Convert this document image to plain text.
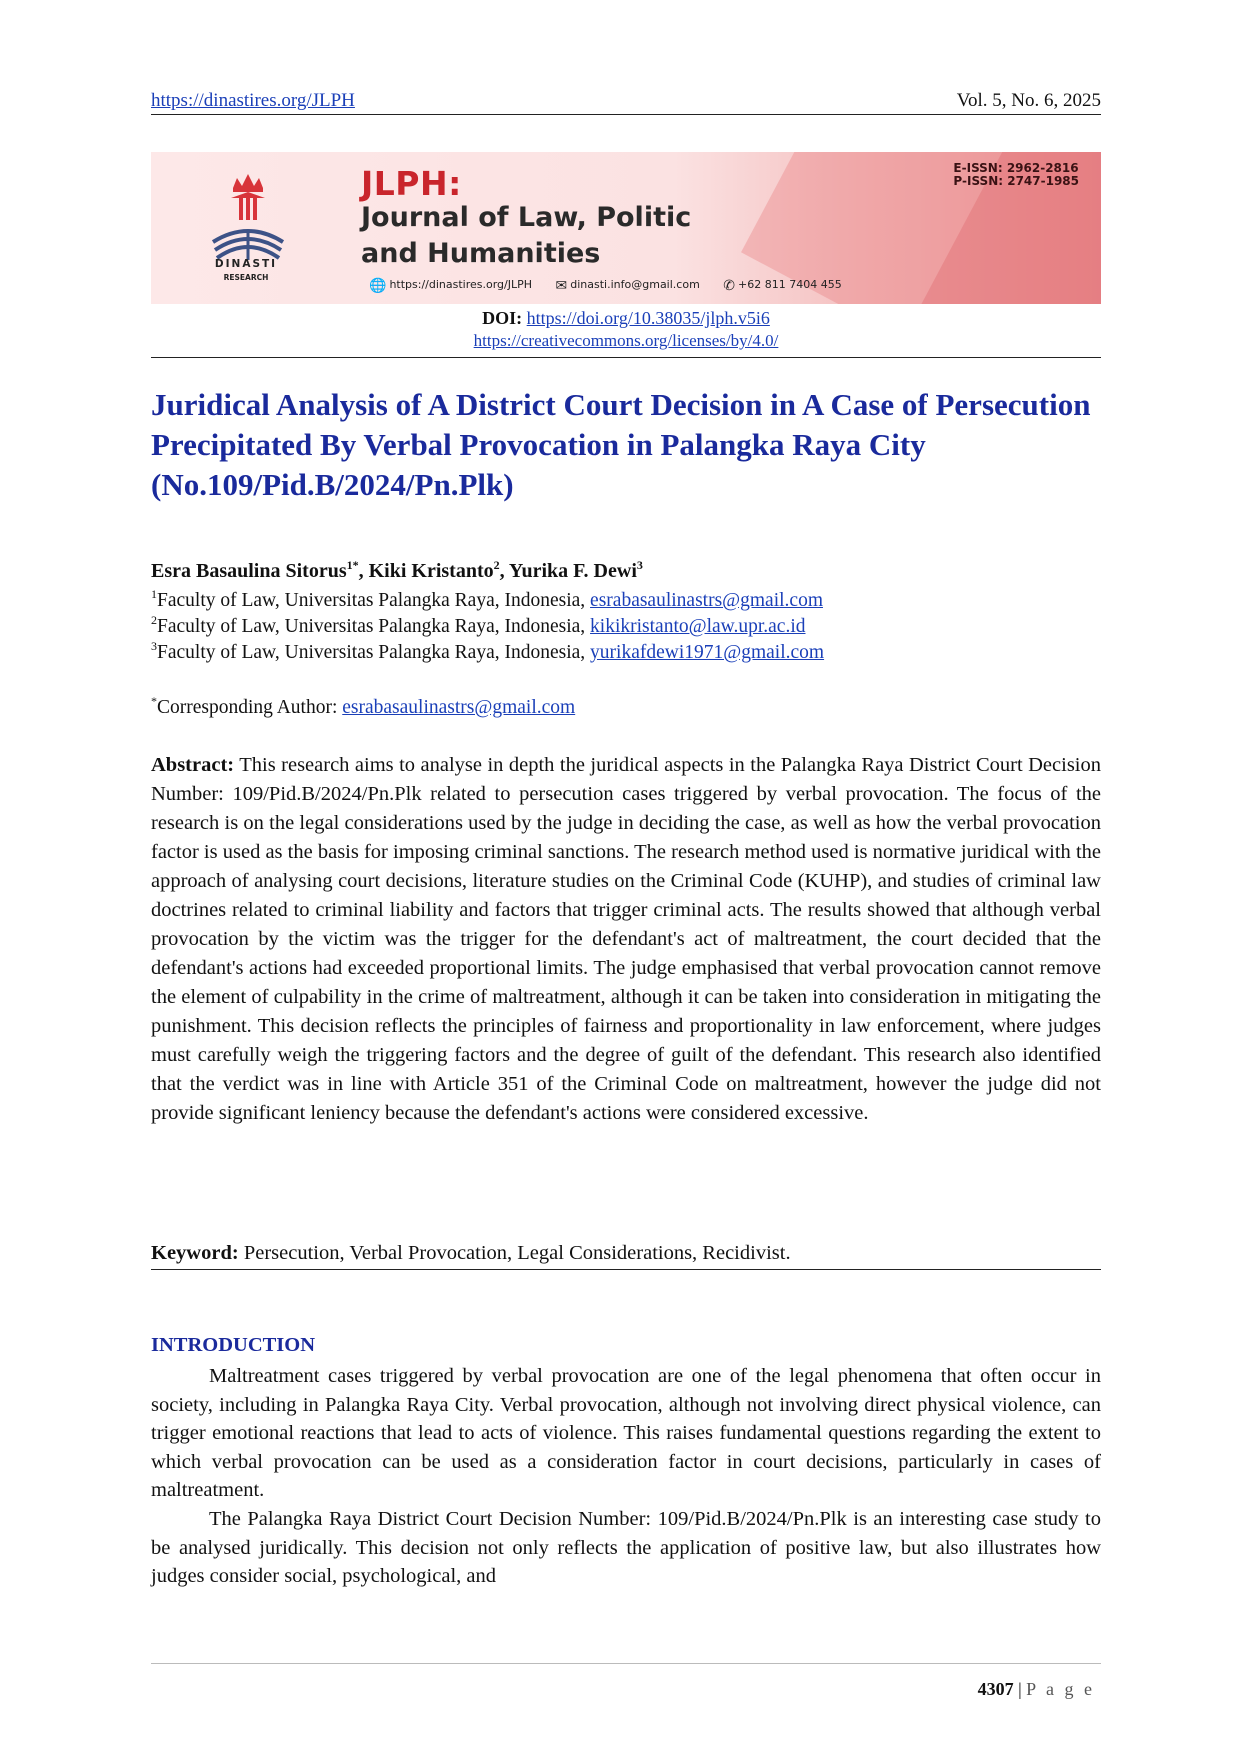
https://dinastires.org/JLPH	Vol. 5, No. 6, 2025
DINASTI
RESEARCH
JLPH:
Journal of Law, Politic
and Humanities
E-ISSN: 2962-2816
P-ISSN: 2747-1985
🌐 https://dinastires.org/JLPH ✉ dinasti.info@gmail.com ✆ +62 811 7404 455
DOI: https://doi.org/10.38035/jlph.v5i6
https://creativecommons.org/licenses/by/4.0/
Juridical Analysis of A District Court Decision in A Case of Persecution Precipitated By Verbal Provocation in Palangka Raya City (No.109/Pid.B/2024/Pn.Plk)
Esra Basaulina Sitorus$^{1*}$, Kiki Kristanto$^2$, Yurika F. Dewi$^3$
$^1$Faculty of Law, Universitas Palangka Raya, Indonesia, esrabasaulinastrs@gmail.com
$^2$Faculty of Law, Universitas Palangka Raya, Indonesia, kikikristanto@law.upr.ac.id
$^3$Faculty of Law, Universitas Palangka Raya, Indonesia, yurikafdewi1971@gmail.com
*Corresponding Author: esrabasaulinastrs@gmail.com
Abstract: This research aims to analyse in depth the juridical aspects in the Palangka Raya District Court Decision Number: 109/Pid.B/2024/Pn.Plk related to persecution cases triggered by verbal provocation. The focus of the research is on the legal considerations used by the judge in deciding the case, as well as how the verbal provocation factor is used as the basis for imposing criminal sanctions. The research method used is normative juridical with the approach of analysing court decisions, literature studies on the Criminal Code (KUHP), and studies of criminal law doctrines related to criminal liability and factors that trigger criminal acts. The results showed that although verbal provocation by the victim was the trigger for the defendant's act of maltreatment, the court decided that the defendant's actions had exceeded proportional limits. The judge emphasised that verbal provocation cannot remove the element of culpability in the crime of maltreatment, although it can be taken into consideration in mitigating the punishment. This decision reflects the principles of fairness and proportionality in law enforcement, where judges must carefully weigh the triggering factors and the degree of guilt of the defendant. This research also identified that the verdict was in line with Article 351 of the Criminal Code on maltreatment, however the judge did not provide significant leniency because the defendant's actions were considered excessive.
Keyword: Persecution, Verbal Provocation, Legal Considerations, Recidivist.
INTRODUCTION
Maltreatment cases triggered by verbal provocation are one of the legal phenomena that often occur in society, including in Palangka Raya City. Verbal provocation, although not involving direct physical violence, can trigger emotional reactions that lead to acts of violence. This raises fundamental questions regarding the extent to which verbal provocation can be used as a consideration factor in court decisions, particularly in cases of maltreatment.
The Palangka Raya District Court Decision Number: 109/Pid.B/2024/Pn.Plk is an interesting case study to be analysed juridically. This decision not only reflects the application of positive law, but also illustrates how judges consider social, psychological, and
4307 | P a g e
